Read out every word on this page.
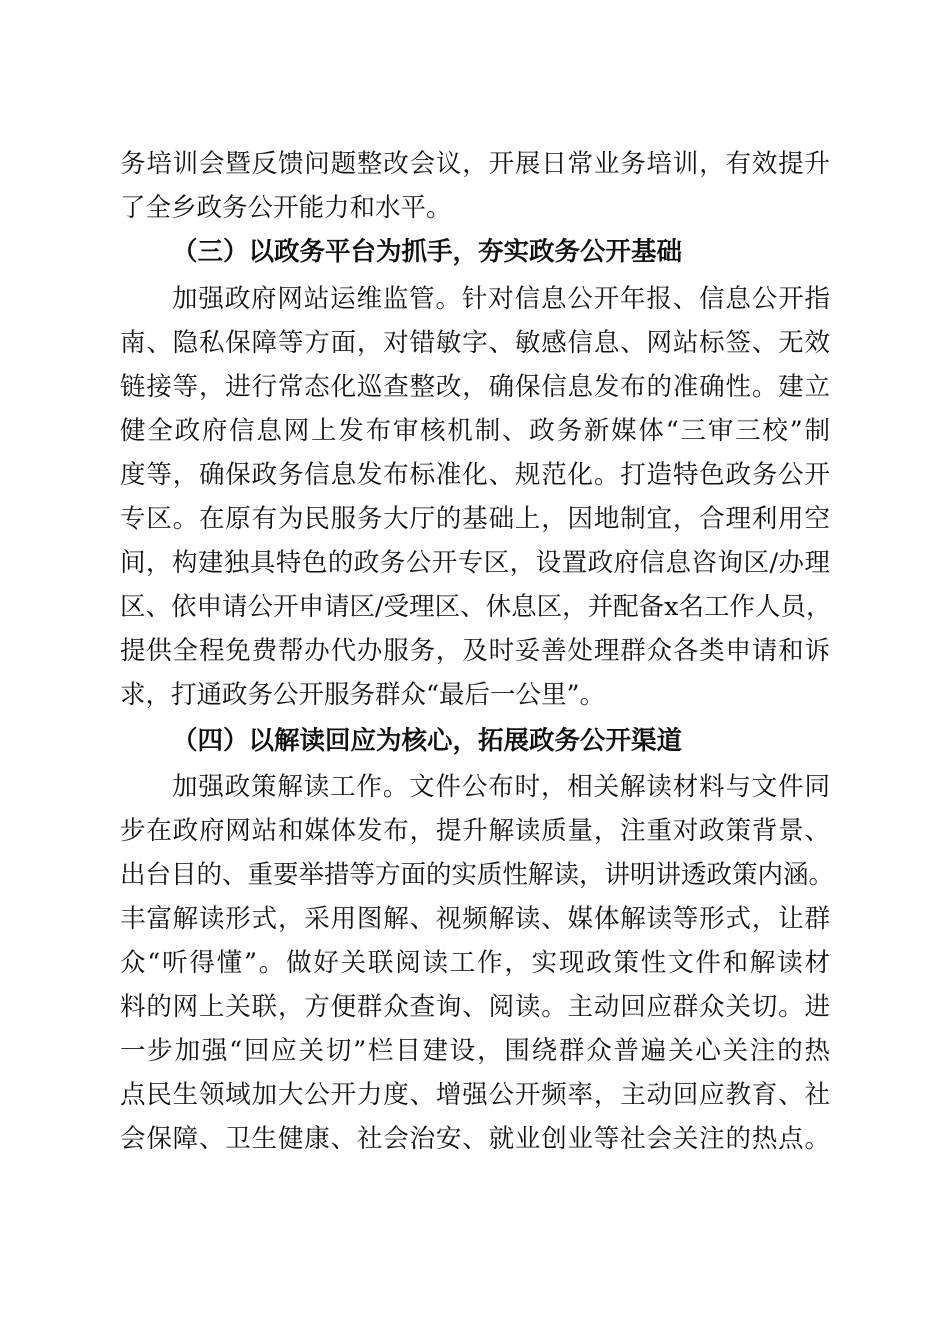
务培训会暨反馈问题整改会议，开展日常业务培训，有效提升
了全乡政务公开能力和水平。
（三）以政务平台为抓手，夯实政务公开基础
加强政府网站运维监管。针对信息公开年报、信息公开指
南、隐私保障等方面，对错敏字、敏感信息、网站标签、无效
链接等，进行常态化巡查整改，确保信息发布的准确性。建立
健全政府信息网上发布审核机制、政务新媒体“三审三校”制
度等，确保政务信息发布标准化、规范化。打造特色政务公开
专区。在原有为民服务大厅的基础上，因地制宜，合理利用空
间，构建独具特色的政务公开专区，设置政府信息咨询区/办理
区、依申请公开申请区/受理区、休息区，并配备x名工作人员，
提供全程免费帮办代办服务，及时妥善处理群众各类申请和诉
求，打通政务公开服务群众“最后一公里”。
（四）以解读回应为核心，拓展政务公开渠道
加强政策解读工作。文件公布时，相关解读材料与文件同
步在政府网站和媒体发布，提升解读质量，注重对政策背景、
出台目的、重要举措等方面的实质性解读，讲明讲透政策内涵。
丰富解读形式，采用图解、视频解读、媒体解读等形式，让群
众“听得懂”。做好关联阅读工作，实现政策性文件和解读材
料的网上关联，方便群众查询、阅读。主动回应群众关切。进
一步加强“回应关切”栏目建设，围绕群众普遍关心关注的热
点民生领域加大公开力度、增强公开频率，主动回应教育、社
会保障、卫生健康、社会治安、就业创业等社会关注的热点。
